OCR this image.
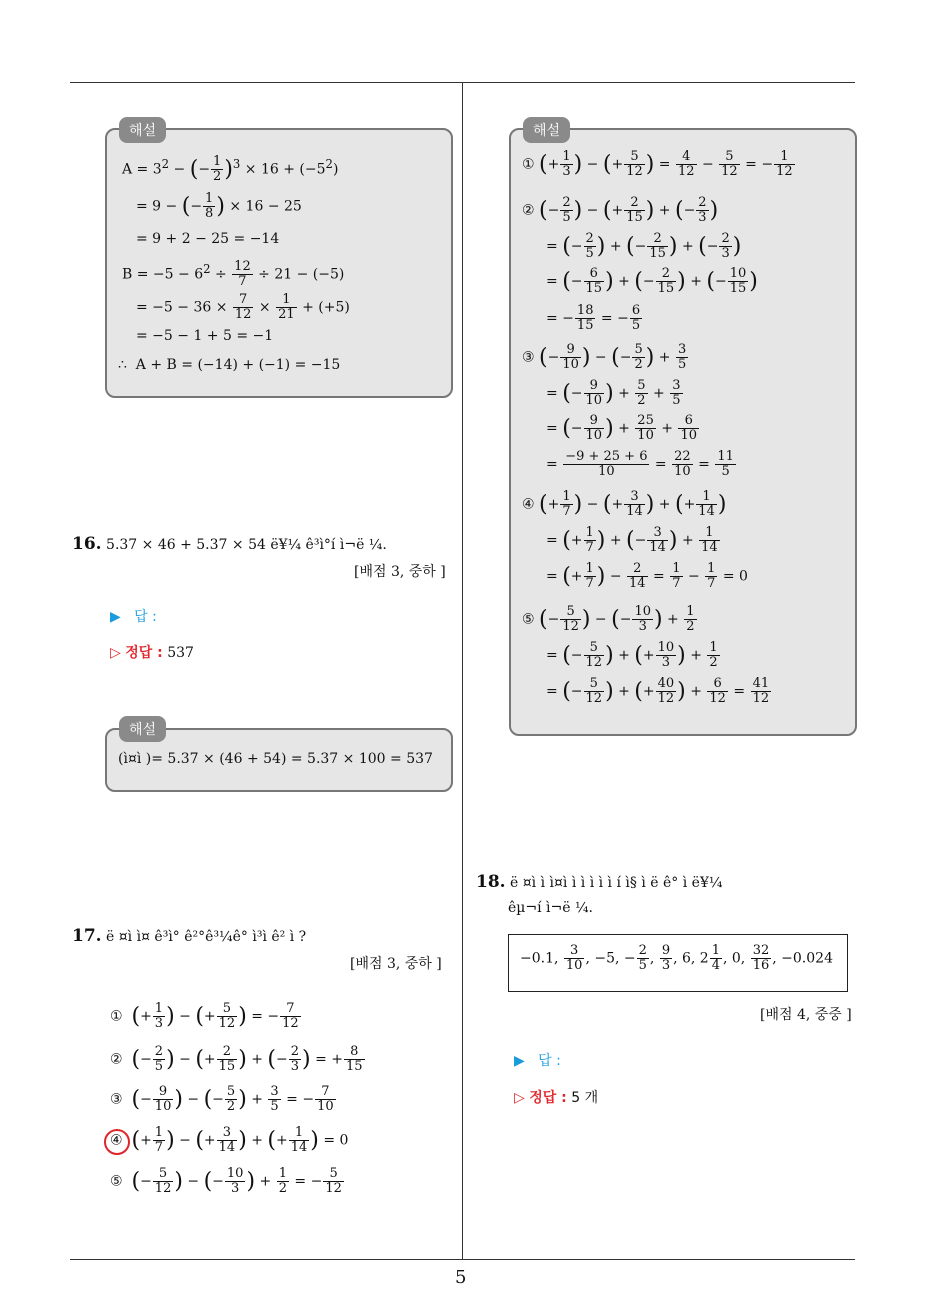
5
해설
$A = 3^2$ − (− $\frac{1}{2} )^3 \times 16 + (-5^2)$
= 9 − (− $\frac{1}{8}$ ) × 16 − 25
= 9 + 2 − 25 = −14
$B = -5 - 6^2 \div \frac{12}{7} \div 21 - (-5)$
= $-5 - 36 \times \frac{7}{12} \times \frac{1}{21} + (+5)$
= −5 − 1 + 5 = −1
∴  A + B = (−14) + (−1) = −15
16. 5.37 × 46 + 5.37 × 54 ë¥¼ ê³ì°í ì¬ë ¼.
[배점 3, 중하 ]
▶ 답 :
▷ 정답 : 537
해설
(ì¤ì )= 5.37 × (46 + 54) = 5.37 × 100 = 537
17. ë ¤ì ì¤ ê³ì° ê²°ê³¼ê° ì³ì ê² ì ?
[배점 3, 중하 ]
① (+ $\frac{1}{3}$ ) − (+ $\frac{5}{12}$ ) = − $\frac{7}{12}$
② (− $\frac{2}{5}$ ) − (+ $\frac{2}{15}$ ) + (− $\frac{2}{3}$ ) = + $\frac{8}{15}$
③ (− $\frac{9}{10}$ ) − (− $\frac{5}{2}$ ) + $\frac{3}{5}$ = − $\frac{7}{10}$
④ (+ $\frac{1}{7}$ ) − (+ $\frac{3}{14}$ ) + (+ $\frac{1}{14}$ ) = 0
⑤ (− $\frac{5}{12}$ ) − (− $\frac{10}{3}$ ) + $\frac{1}{2}$ = − $\frac{5}{12}$
해설
① (+ $\frac{1}{3}$ ) − (+ $\frac{5}{12}$ ) = $\frac{4}{12} - \frac{5}{12}$ = − $\frac{1}{12}$
② (− $\frac{2}{5}$ ) − (+ $\frac{2}{15}$ ) + (− $\frac{2}{3}$ )
= (− $\frac{2}{5}$ ) + (− $\frac{2}{15}$ ) + (− $\frac{2}{3}$ )
= (− $\frac{6}{15}$ ) + (− $\frac{2}{15}$ ) + (− $\frac{10}{15}$ )
= − $\frac{18}{15}$ = − $\frac{6}{5}$
③ (− $\frac{9}{10}$ ) − (− $\frac{5}{2}$ ) + $\frac{3}{5}$
= (− $\frac{9}{10}$ ) + $\frac{5}{2} + \frac{3}{5}$
= (− $\frac{9}{10}$ ) + $\frac{25}{10} + \frac{6}{10}$
= $\frac{-9 + 25 + 6}{10} = \frac{22}{10} = \frac{11}{5}$
④ (+ $\frac{1}{7}$ ) − (+ $\frac{3}{14}$ ) + (+ $\frac{1}{14}$ )
= (+ $\frac{1}{7}$ ) + (− $\frac{3}{14}$ ) + $\frac{1}{14}$
= (+ $\frac{1}{7}$ ) − $\frac{2}{14} = \frac{1}{7} - \frac{1}{7} = 0$
⑤ (− $\frac{5}{12}$ ) − (− $\frac{10}{3}$ ) + $\frac{1}{2}$
= (− $\frac{5}{12}$ ) + (+ $\frac{10}{3}$ ) + $\frac{1}{2}$
= (− $\frac{5}{12}$ ) + (+ $\frac{40}{12}$ ) + $\frac{6}{12} = \frac{41}{12}$
18. ë ¤ì ì ì¤ì ì ì ì ì ì í ì§ ì ë ê° ì ë¥¼
êµ¬í ì¬ë ¼.
−0.1, $\frac{3}{10}$ , −5, − $\frac{2}{5}$ , $\frac{9}{3}$ , 6, $2 \frac{1}{4}$ , 0, $\frac{32}{16}$ , −0.024
[배점 4, 중중 ]
▶ 답 :
▷ 정답 : 5 개
